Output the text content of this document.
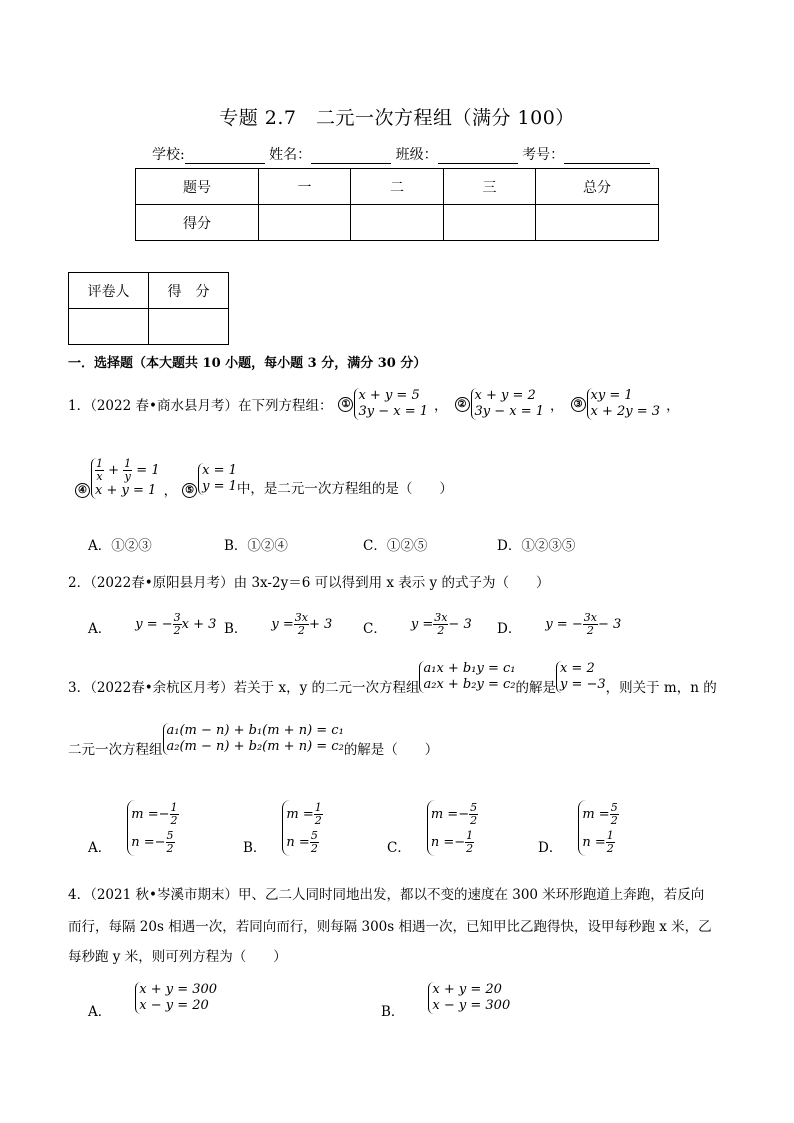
专题 2.7　二元一次方程组（满分 100）
学校:	姓名：	班级：	考号：
题号	一	二	三	总分
得分				
评卷人	得　分

一．选择题（本大题共 10 小题，每小题 3 分，满分 30 分）
1．（2022 春•商水县月考）在下列方程组： ①
x + y = 5
3y − x = 1 ，	②
x + y = 2
3y − x = 1 ，	③
xy = 1
x + 2y = 3 ，
④
$\frac{1}{x} + \frac{1}{y} = 1$
x + y = 1 ， ⑤
x = 1
y = 1 中，是二元一次方程组的是（　　）
A．①②③	B．①②④	C．①②⑤	D．①②③⑤
2．（2022春•原阳县月考）由 3x-2y＝6 可以得到用 x 表示 y 的式子为（　　）
A． y = − $\frac{3}{2}$ x + 3 B． $y = \frac{3x}{2} + 3$ C． $y = \frac{3x}{2} - 3$ D． y = − $\frac{3x}{2} - 3$
3．（2022春•余杭区月考）若关于 x，y 的二元一次方程组
a₁x + b₁y = c₁
a₂x + b₂y = c₂ 的解是
x = 2
y = −3 ，则关于 m，n 的
二元一次方程组
a₁(m − n) + b₁(m + n) = c₁
a₂(m − n) + b₂(m + n) = c₂ 的解是（　　）
A．
$m =- \frac{1}{2}$
$n =- \frac{5}{2}$	B．
$m = \frac{1}{2}$
$n = \frac{5}{2}$	C．
$m =- \frac{5}{2}$
$n =- \frac{1}{2}$	D．
$m = \frac{5}{2}$
$n = \frac{1}{2}$
4．（2021 秋•岑溪市期末）甲、乙二人同时同地出发，都以不变的速度在 300 米环形跑道上奔跑，若反向
而行，每隔 20s 相遇一次，若同向而行，则每隔 300s 相遇一次，已知甲比乙跑得快，设甲每秒跑 x 米，乙
每秒跑 y 米，则可列方程为（　　）
A．
x + y = 300
x − y = 20	B．
x + y = 20
x − y = 300
